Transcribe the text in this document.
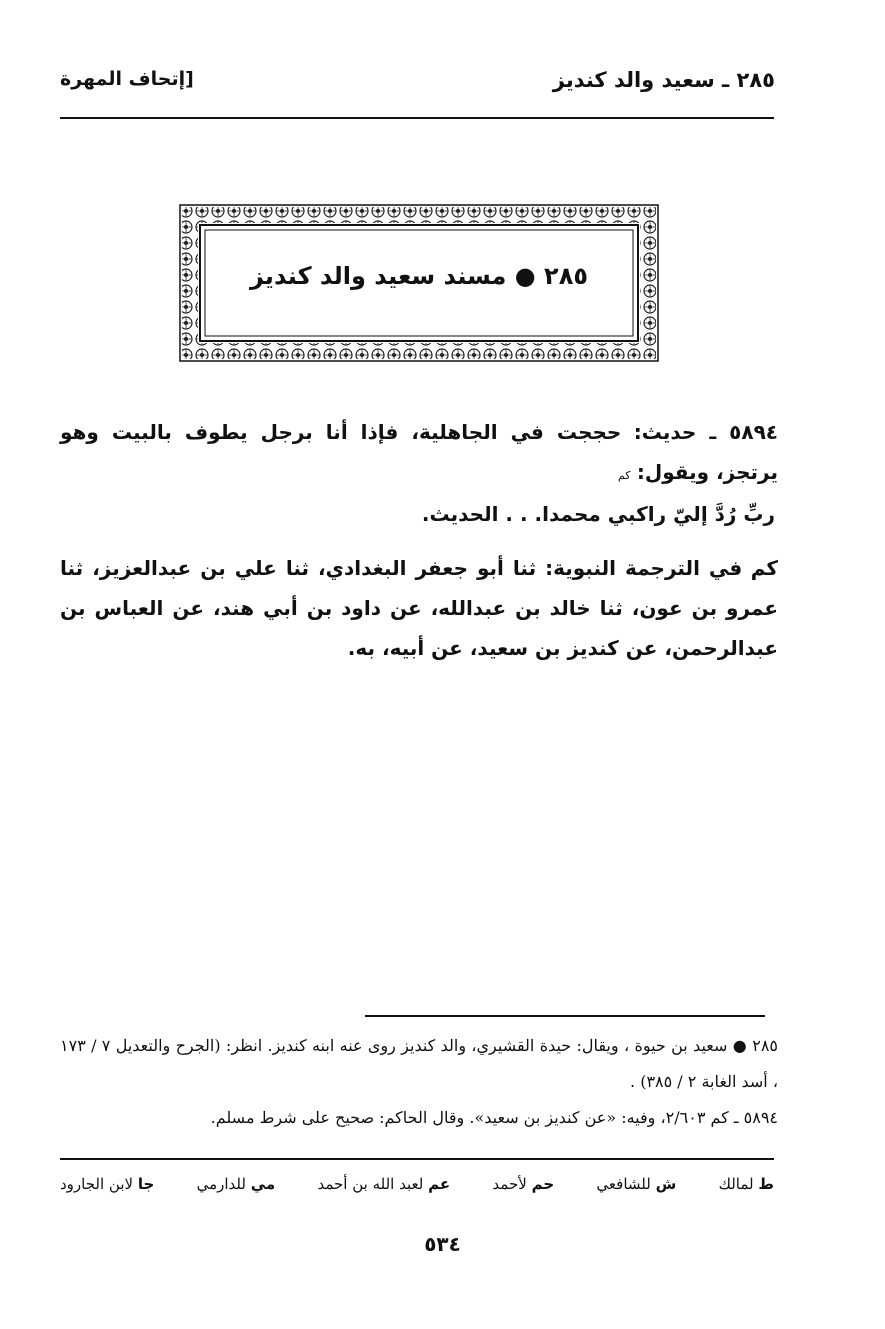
٢٨٥ ـ سعيد والد كنديز
[إتحاف المهرة
٢٨٥ ● مسند سعيد والد كنديز
٥٨٩٤ ـ حديث: حججت في الجاهلية، فإذا أنا برجل يطوف بالبيت وهو يرتجز، ويقول: كم
ربِّ رُدَّ إليّ راكبي محمدا. . . الحديث.
كم في الترجمة النبوية: ثنا أبو جعفر البغدادي، ثنا علي بن عبدالعزيز، ثنا عمرو بن عون، ثنا خالد بن عبدالله، عن داود بن أبي هند، عن العباس بن عبدالرحمن، عن كنديز بن سعيد، عن أبيه، به.

٢٨٥ ● سعيد بن حيوة ، ويقال: حيدة القشيري، والد كنديز روى عنه ابنه كنديز. انظر: (الجرح والتعديل ٧ / ١٧٣ ، أسد الغابة ٢ / ٣٨٥) .

٥٨٩٤ ـ كم ٢/٦٠٣، وفيه: «عن كنديز بن سعيد». وقال الحاكم: صحيح على شرط مسلم.

ط لمالك
ش للشافعي
حم لأحمد
عم لعبد الله بن أحمد
مي للدارمي
جا لابن الجارود
٥٣٤
